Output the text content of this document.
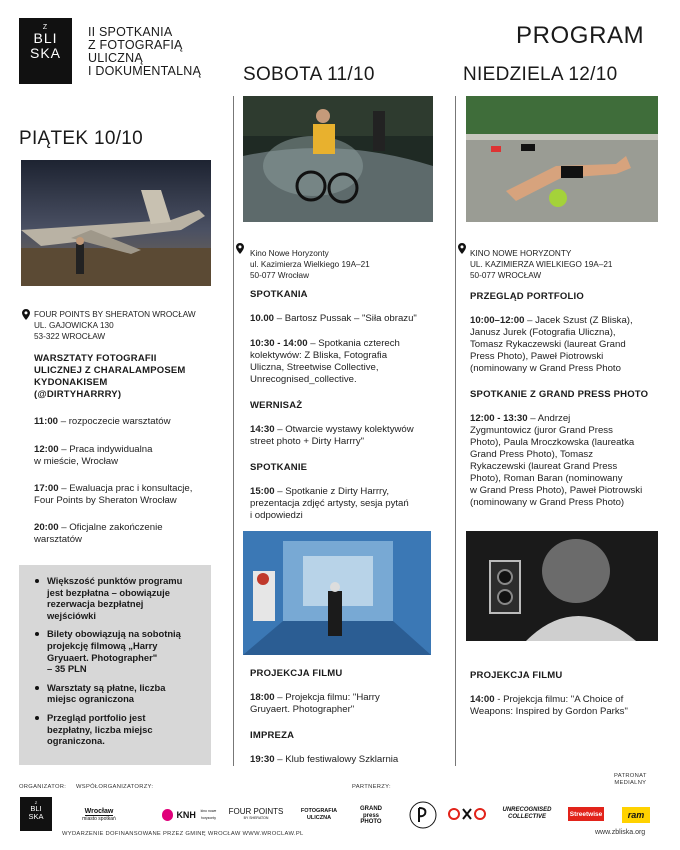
Z
BLI
SKA
II SPOTKANIA
Z FOTOGRAFIĄ
ULICZNĄ
I DOKUMENTALNĄ
PROGRAM
PIĄTEK 10/10
FOUR POINTS BY SHERATON WROCŁAW
UL. GAJOWICKA 130
53-322 WROCŁAW
WARSZTATY FOTOGRAFII
ULICZNEJ Z CHARALAMPOSEM
KYDONAKISEM
(@DIRTYHARRRY)
11:00 – rozpoczecie warsztatów
12:00 – Praca indywidualna
w mieście, Wrocław
17:00 – Ewaluacja prac i konsultacje,
Four Points by Sheraton Wrocław
20:00 – Oficjalne zakończenie
warsztatów
Większość punktów programu
jest bezpłatna – obowiązuje
rezerwacja bezpłatnej
wejściówki
Bilety obowiązują na sobotnią
projekcję filmową „Harry
Gryuaert. Photographer"
– 35 PLN
Warsztaty są płatne, liczba
miejsc ograniczona
Przegląd portfolio jest
bezpłatny, liczba miejsc
ograniczona.
SOBOTA 11/10
Kino Nowe Horyzonty
ul. Kazimierza Wielkiego 19A–21
50-077 Wrocław
SPOTKANIA
10.00 – Bartosz Pussak – "Siła obrazu"
10:30 - 14:00 – Spotkania czterech
kolektywów: Z Bliska, Fotografia
Uliczna, Streetwise Collective,
Unrecognised_collective.
WERNISAŻ
14:30 – Otwarcie wystawy kolektywów
street photo + Dirty Harrry"
SPOTKANIE
15:00 – Spotkanie z Dirty Harrry,
prezentacja zdjęć artysty, sesja pytań
i odpowiedzi
PROJEKCJA FILMU
18:00 – Projekcja filmu: "Harry
Gruyaert. Photographer"
IMPREZA
19:30 – Klub festiwalowy Szklarnia
NIEDZIELA 12/10
KINO NOWE HORYZONTY
UL. KAZIMIERZA WIELKIEGO 19A–21
50-077 WROCŁAW
PRZEGLĄD PORTFOLIO
10:00–12:00 – Jacek Szust (Z Bliska),
Janusz Jurek (Fotografia Uliczna),
Tomasz Rykaczewski (laureat Grand
Press Photo), Paweł Piotrowski
(nominowany w Grand Press Photo
SPOTKANIE Z GRAND PRESS PHOTO
12:00 - 13:30 – Andrzej
Zygmuntowicz (juror Grand Press
Photo), Paula Mroczkowska (laureatka
Grand Press Photo), Tomasz
Rykaczewski (laureat Grand Press
Photo), Roman Baran (nominowany
w Grand Press Photo), Paweł Piotrowski
(nominowany w Grand Press Photo)
PROJEKCJA FILMU
14:00 - Projekcja filmu: "A Choice of
Weapons: Inspired by Gordon Parks"
ORGANIZATOR: WSPÓŁORGANIZATORZY:	PARTNERZY:
PATRONAT
MEDIALNY
Z
BLI
SKA
Wrocław
miasto spotkań	KNH	kino nowe horyzonty
FOUR POINTS
BY SHERATON
FOTOGRAFIA
ULICZNA
GRAND
press
PHOTO
UNRECOGNISED
COLLECTIVE	Streetwise	ram
WYDARZENIE DOFINANSOWANE PRZEZ GMINĘ WROCŁAW WWW.WROCLAW.PL	www.zbliska.org
